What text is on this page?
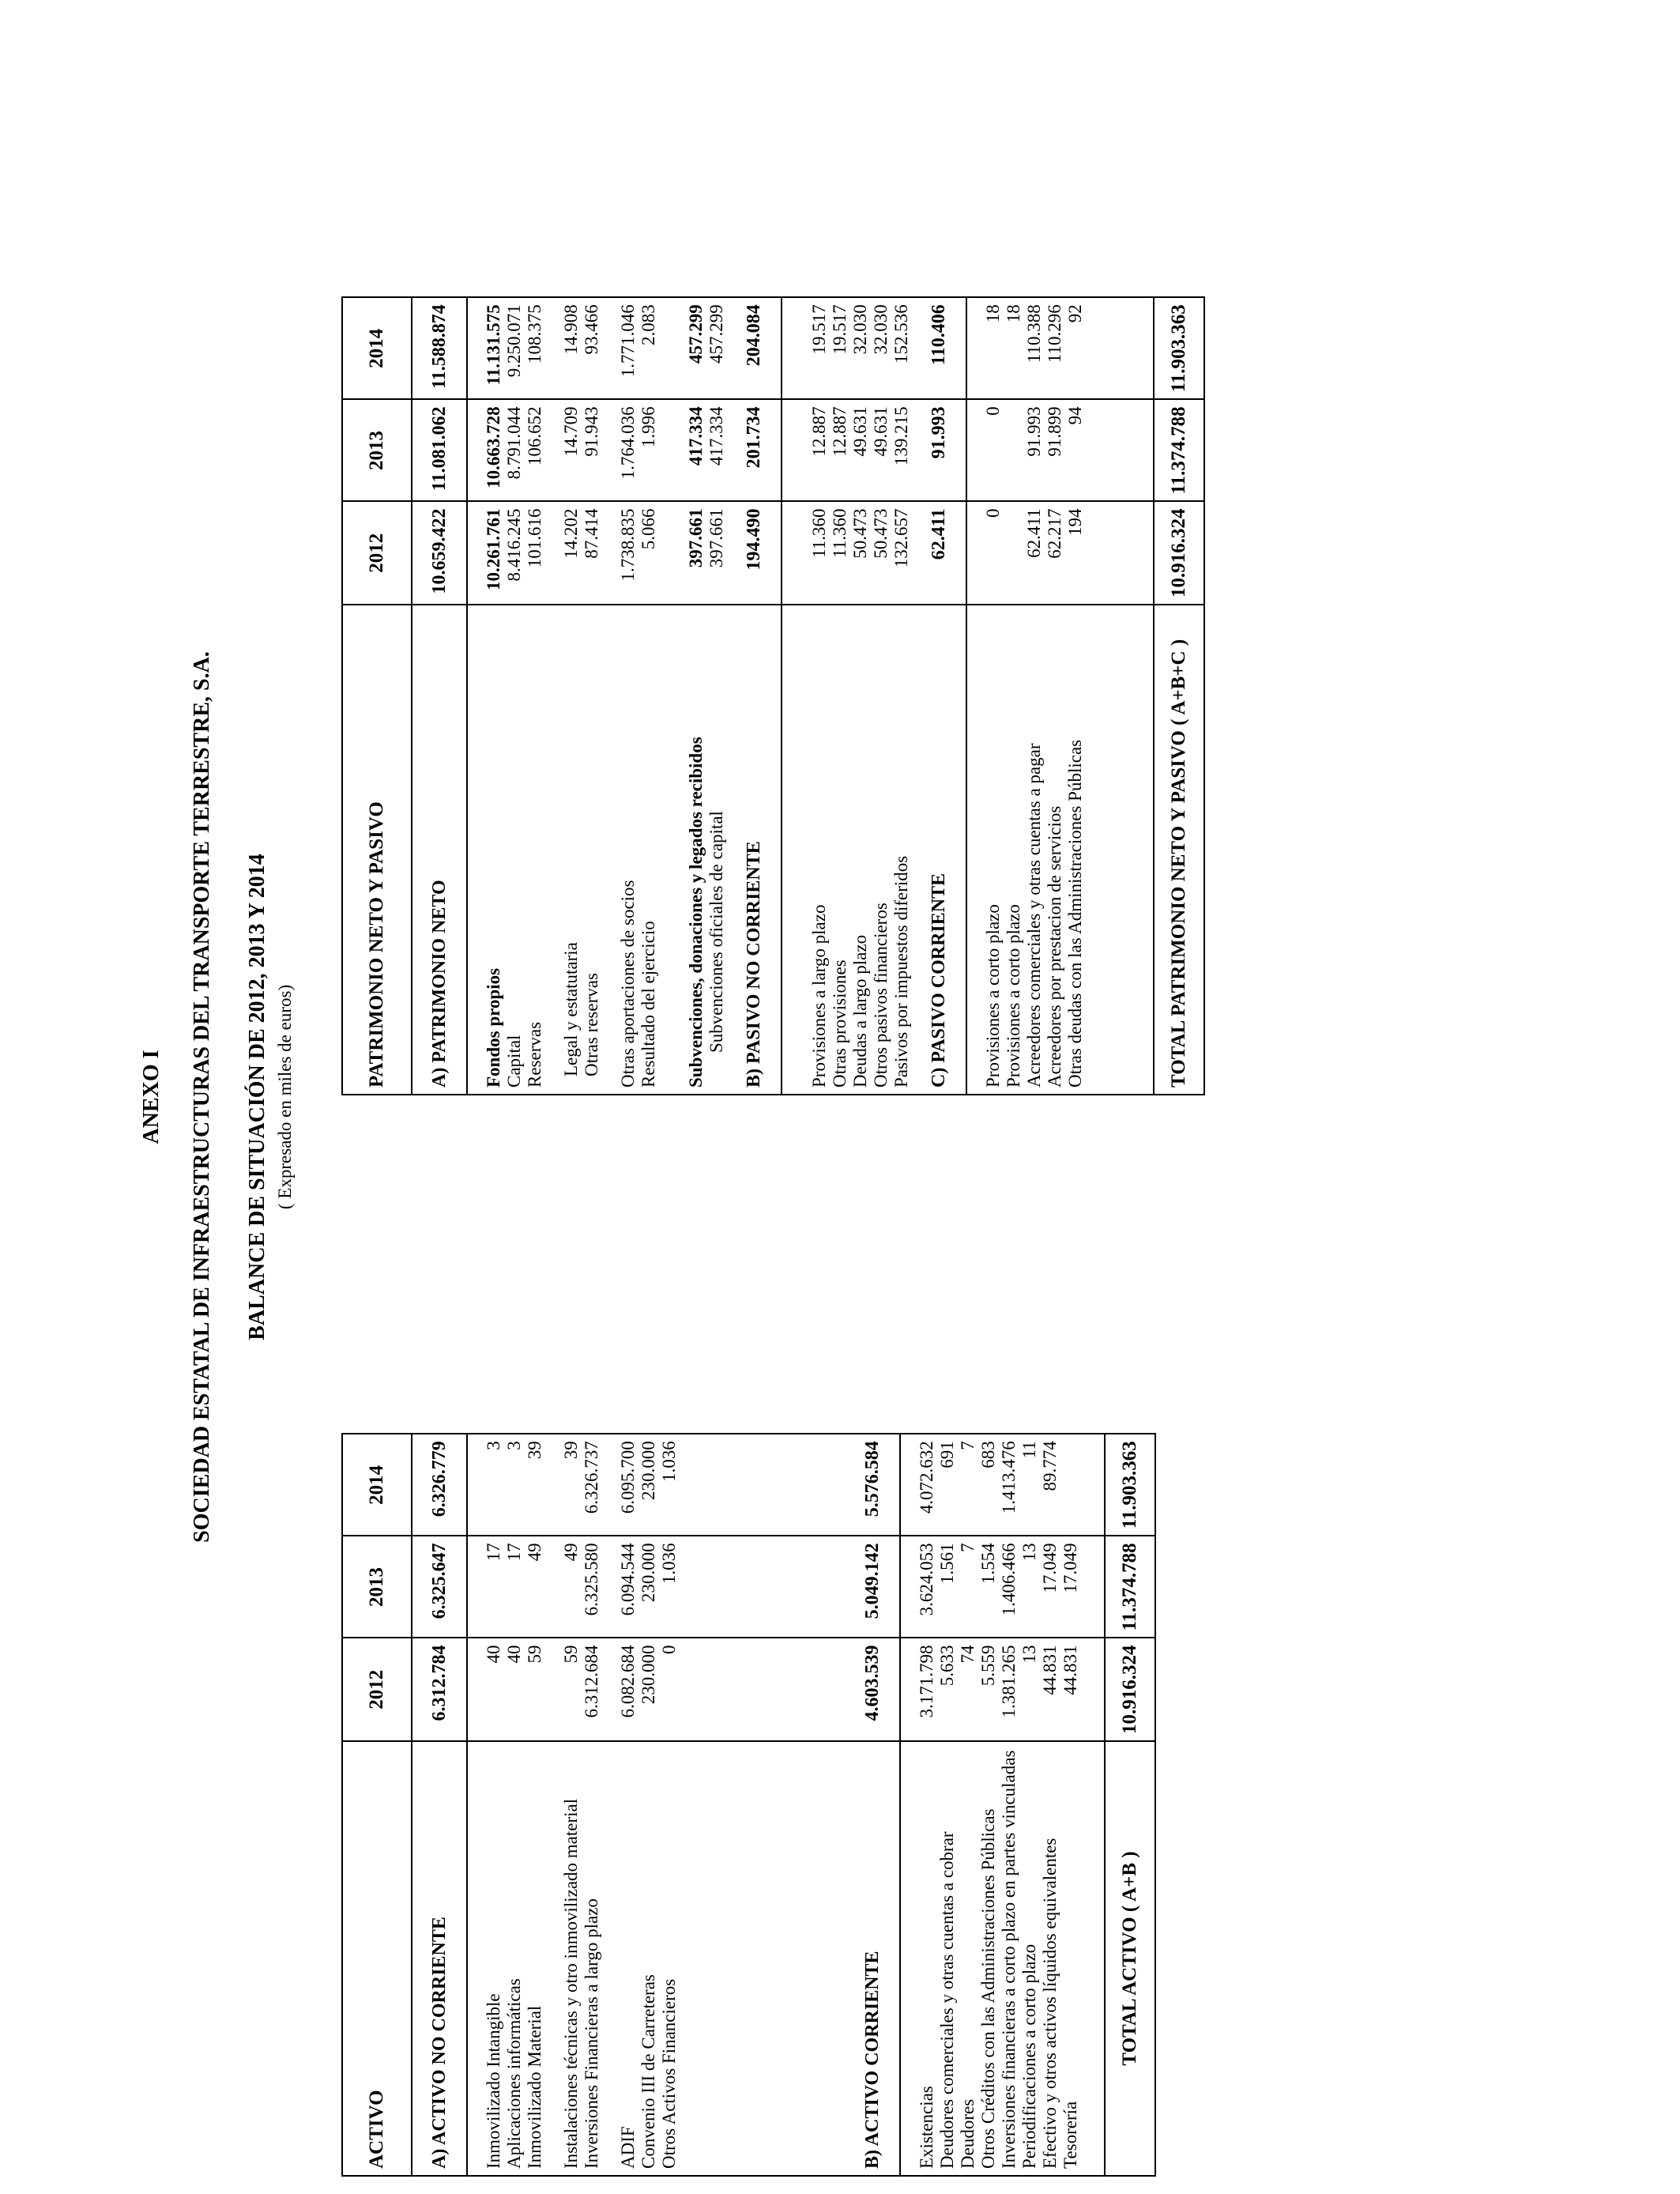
ANEXO I SOCIEDAD ESTATAL DE INFRAESTRUCTURAS DEL TRANSPORTE TERRESTRE, S.A. BALANCE DE SITUACIÓN DE 2012, 2013 Y 2014 ( Expresado en miles de euros)
ACTIVO	2012	2013	2014
A) ACTIVO NO CORRIENTE	6.312.784	6.325.647	6.326.779

Inmovilizado Intangible	40	17	3
Aplicaciones informáticas	40	17	3
Inmovilizado Material	59	49	39

Instalaciones técnicas y otro inmovilizado material	59	49	39
Inversiones Financieras a largo plazo	6.312.684	6.325.580	6.326.737

ADIF	6.082.684	6.094.544	6.095.700
Convenio III de Carreteras	230.000	230.000	230.000
Otros Activos Financieros	0	1.036	1.036

B) ACTIVO CORRIENTE	4.603.539	5.049.142	5.576.584

Existencias	3.171.798	3.624.053	4.072.632
Deudores comerciales y otras cuentas a cobrar	5.633	1.561	691
Deudores	74	7	7
Otros Créditos con las Administraciones Públicas	5.559	1.554	683
Inversiones financieras a corto plazo en partes vinculadas	1.381.265	1.406.466	1.413.476
Periodificaciones a corto plazo	13	13	11
Efectivo y otros activos líquidos equivalentes	44.831	17.049	89.774
Tesorería	44.831	17.049	

TOTAL ACTIVO ( A+B )	10.916.324	11.374.788	11.903.363
PATRIMONIO NETO Y PASIVO	2012	2013	2014
A) PATRIMONIO NETO	10.659.422	11.081.062	11.588.874

Fondos propios	10.261.761	10.663.728	11.131.575
Capital	8.416.245	8.791.044	9.250.071
Reservas	101.616	106.652	108.375

Legal y estatutaria	14.202	14.709	14.908
Otras reservas	87.414	91.943	93.466

Otras aportaciones de socios	1.738.835	1.764.036	1.771.046
Resultado del ejercicio	5.066	1.996	2.083

Subvenciones, donaciones y legados recibidos	397.661	417.334	457.299
Subvenciones oficiales de capital	397.661	417.334	457.299
B) PASIVO NO CORRIENTE	194.490	201.734	204.084

Provisiones a largo plazo	11.360	12.887	19.517
Otras provisiones	11.360	12.887	19.517
Deudas a largo plazo	50.473	49.631	32.030
Otros pasivos financieros	50.473	49.631	32.030
Pasivos por impuestos diferidos	132.657	139.215	152.536
C) PASIVO CORRIENTE	62.411	91.993	110.406

Provisiones a corto plazo	0	0	18
Provisiones a corto plazo			18
Acreedores comerciales y otras cuentas a pagar	62.411	91.993	110.388
Acreedores por prestacion de servicios	62.217	91.899	110.296
Otras deudas con las Administraciones Públicas	194	94	92

TOTAL PATRIMONIO NETO Y PASIVO ( A+B+C )	10.916.324	11.374.788	11.903.363
